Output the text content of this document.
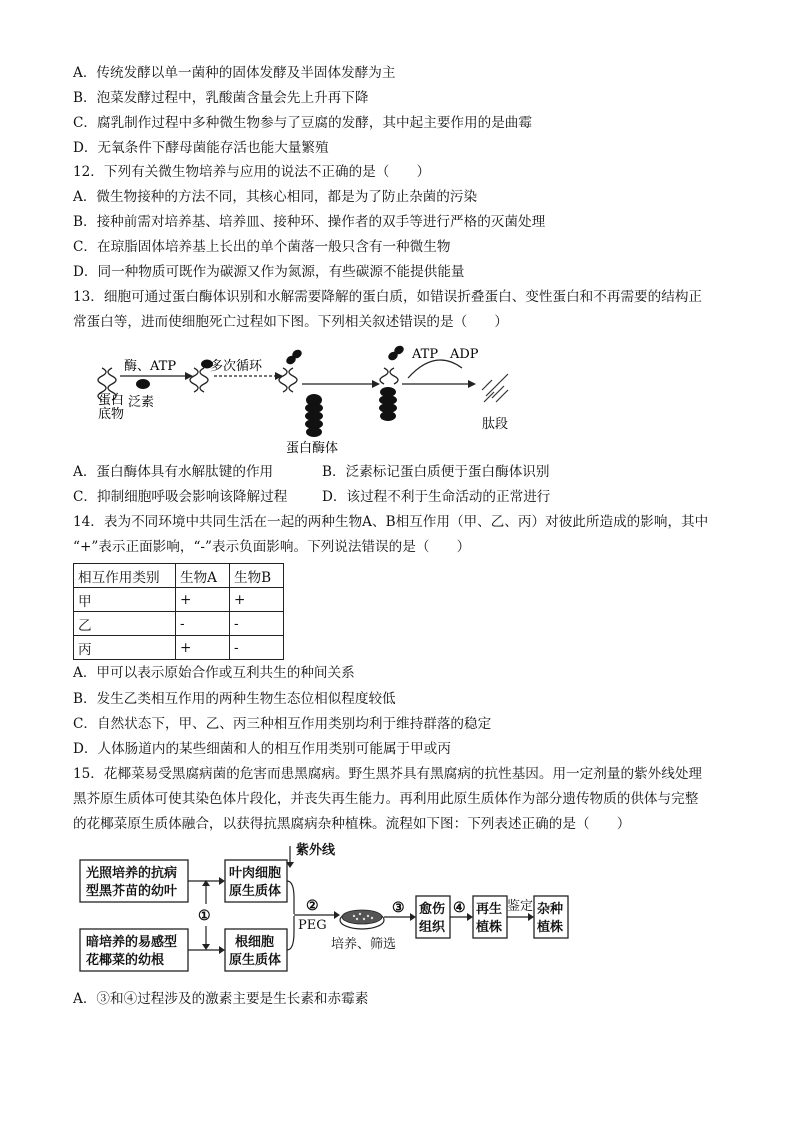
A．传统发酵以单一菌种的固体发酵及半固体发酵为主
B．泡菜发酵过程中，乳酸菌含量会先上升再下降
C．腐乳制作过程中多种微生物参与了豆腐的发酵，其中起主要作用的是曲霉
D．无氧条件下酵母菌能存活也能大量繁殖
12．下列有关微生物培养与应用的说法不正确的是（　　）
A．微生物接种的方法不同，其核心相同，都是为了防止杂菌的污染
B．接种前需对培养基、培养皿、接种环、操作者的双手等进行严格的灭菌处理
C．在琼脂固体培养基上长出的单个菌落一般只含有一种微生物
D．同一种物质可既作为碳源又作为氮源，有些碳源不能提供能量
13．细胞可通过蛋白酶体识别和水解需要降解的蛋白质，如错误折叠蛋白、变性蛋白和不再需要的结构正
常蛋白等，进而使细胞死亡过程如下图。下列相关叙述错误的是（　　）
蛋白
底物
泛素
酶、ATP	多次循环
蛋白酶体
ATP ADP
肽段
A．蛋白酶体具有水解肽键的作用	B．泛素标记蛋白质便于蛋白酶体识别
C．抑制细胞呼吸会影响该降解过程	D．该过程不利于生命活动的正常进行
14．表为不同环境中共同生活在一起的两种生物A、B相互作用（甲、乙、丙）对彼此所造成的影响，其中
“+”表示正面影响，“-”表示负面影响。下列说法错误的是（　　）
相互作用类别	生物A	生物B
甲	+	+
乙	-	-
丙	+	-
A．甲可以表示原始合作或互利共生的种间关系
B．发生乙类相互作用的两种生物生态位相似程度较低
C．自然状态下，甲、乙、丙三种相互作用类别均利于维持群落的稳定
D．人体肠道内的某些细菌和人的相互作用类别可能属于甲或丙
15．花椰菜易受黑腐病菌的危害而患黑腐病。野生黑芥具有黑腐病的抗性基因。用一定剂量的紫外线处理
黑芥原生质体可使其染色体片段化，并丧失再生能力。再利用此原生质体作为部分遗传物质的供体与完整
的花椰菜原生质体融合，以获得抗黑腐病杂种植株。流程如下图：下列表述正确的是（　　）
光照培养的抗病
型黑芥苗的幼叶
暗培养的易感型
花椰菜的幼根
叶肉细胞
原生质体
根细胞
原生质体
①
紫外线
②
PEG
培养、筛选
③ 愈伤
组织
④ 再生
植株
鉴定 杂种
植株
A．③和④过程涉及的激素主要是生长素和赤霉素
